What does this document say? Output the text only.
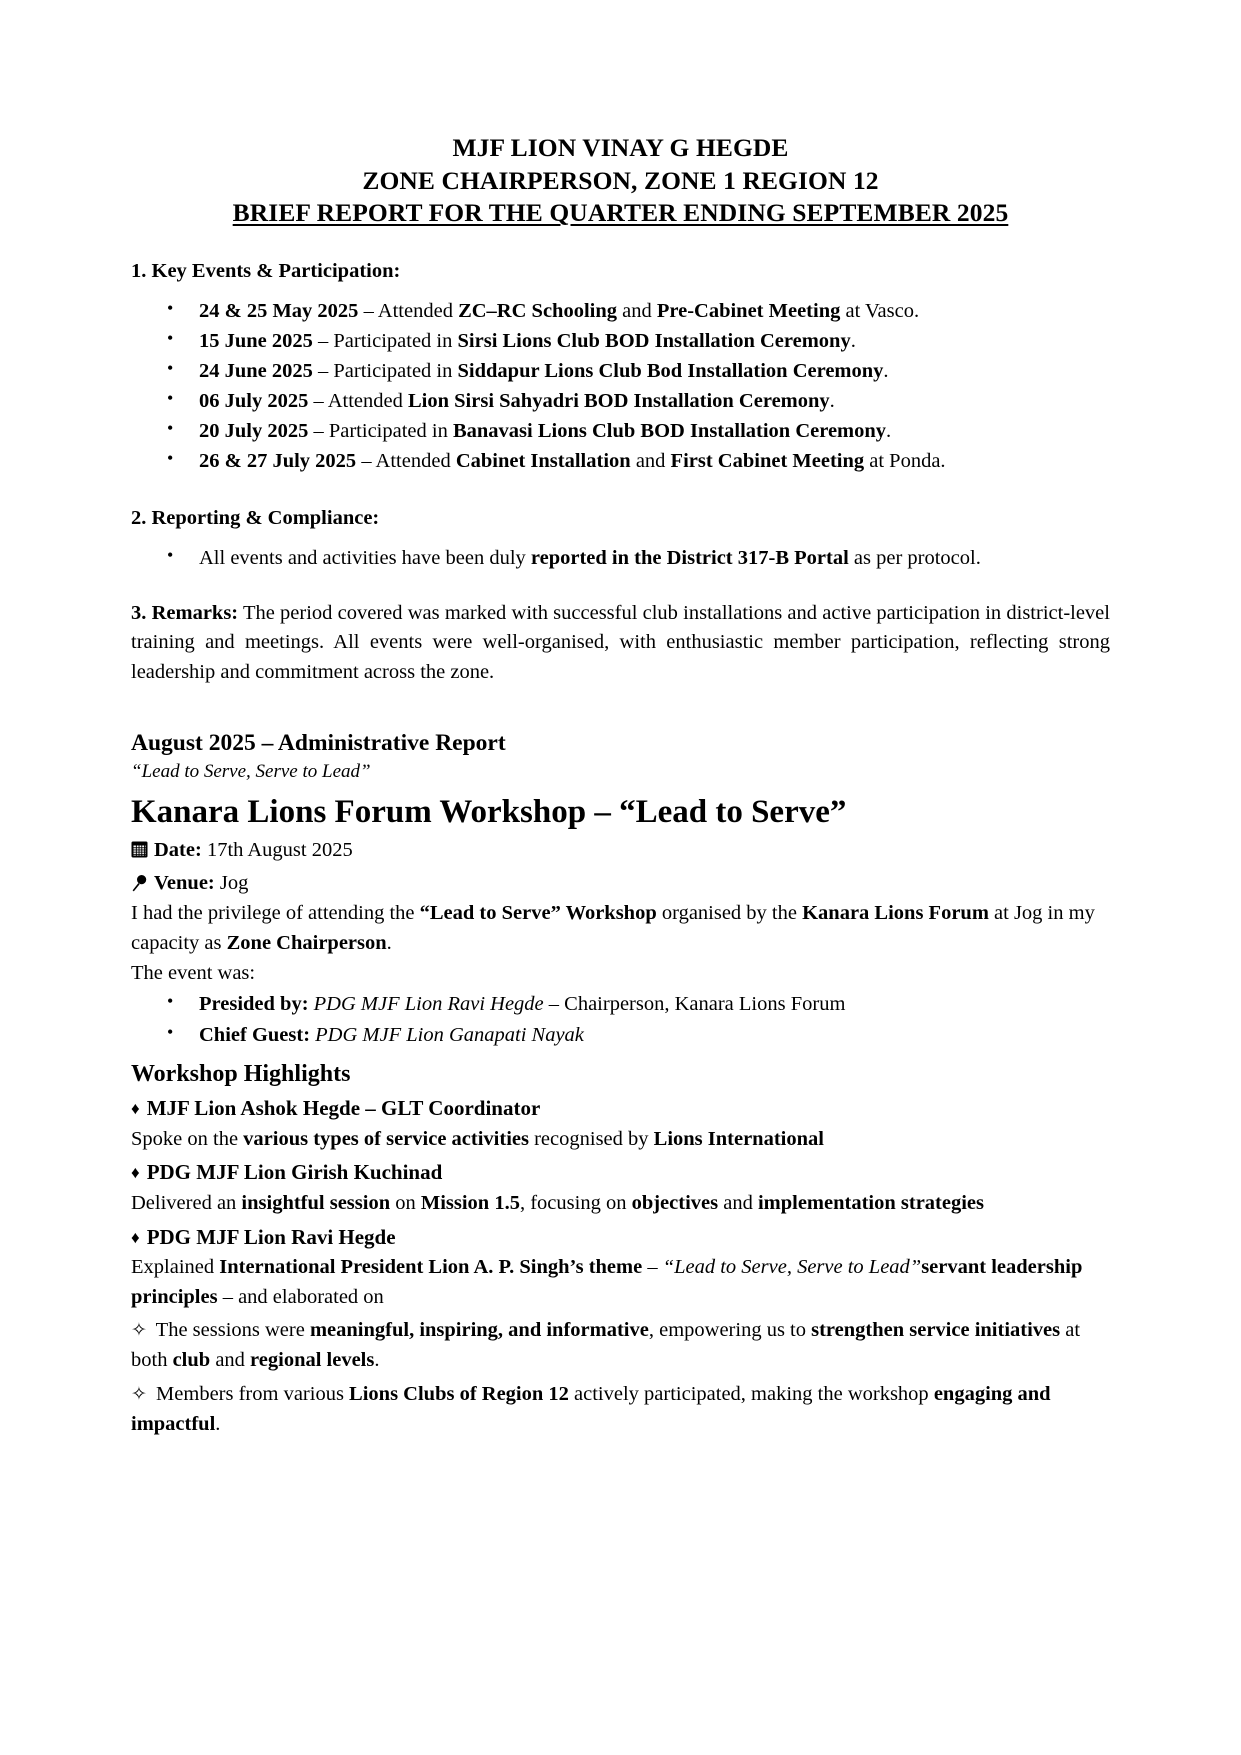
MJF LION VINAY G HEGDE
ZONE CHAIRPERSON, ZONE 1 REGION 12
BRIEF REPORT FOR THE QUARTER ENDING SEPTEMBER 2025
1. Key Events & Participation:
• 24 & 25 May 2025 – Attended ZC–RC Schooling and Pre-Cabinet Meeting at Vasco.
• 15 June 2025 – Participated in Sirsi Lions Club BOD Installation Ceremony.
• 24 June 2025 – Participated in Siddapur Lions Club Bod Installation Ceremony.
• 06 July 2025 – Attended Lion Sirsi Sahyadri BOD Installation Ceremony.
• 20 July 2025 – Participated in Banavasi Lions Club BOD Installation Ceremony.
• 26 & 27 July 2025 – Attended Cabinet Installation and First Cabinet Meeting at Ponda.
2. Reporting & Compliance:
• All events and activities have been duly reported in the District 317-B Portal as per protocol.

3. Remarks: The period covered was marked with successful club installations and active participation in district-level training and meetings. All events were well-organised, with enthusiastic member participation, reflecting strong leadership and commitment across the zone.

August 2025 – Administrative Report
“Lead to Serve, Serve to Lead”
Kanara Lions Forum Workshop – “Lead to Serve”
Date: 17th August 2025
Venue: Jog

I had the privilege of attending the “Lead to Serve” Workshop organised by the Kanara Lions Forum at Jog in my capacity as Zone Chairperson.

The event was:

• Presided by: PDG MJF Lion Ravi Hegde – Chairperson, Kanara Lions Forum
• Chief Guest: PDG MJF Lion Ganapati Nayak
Workshop Highlights
♦ MJF Lion Ashok Hegde – GLT Coordinator

Spoke on the various types of service activities recognised by Lions International

♦ PDG MJF Lion Girish Kuchinad

Delivered an insightful session on Mission 1.5, focusing on objectives and implementation strategies

♦ PDG MJF Lion Ravi Hegde

Explained International President Lion A. P. Singh’s theme – “Lead to Serve, Serve to Lead”servant leadership principles – and elaborated on

✧ The sessions were meaningful, inspiring, and informative, empowering us to strengthen service initiatives at both club and regional levels.

✧ Members from various Lions Clubs of Region 12 actively participated, making the workshop engaging and impactful.
